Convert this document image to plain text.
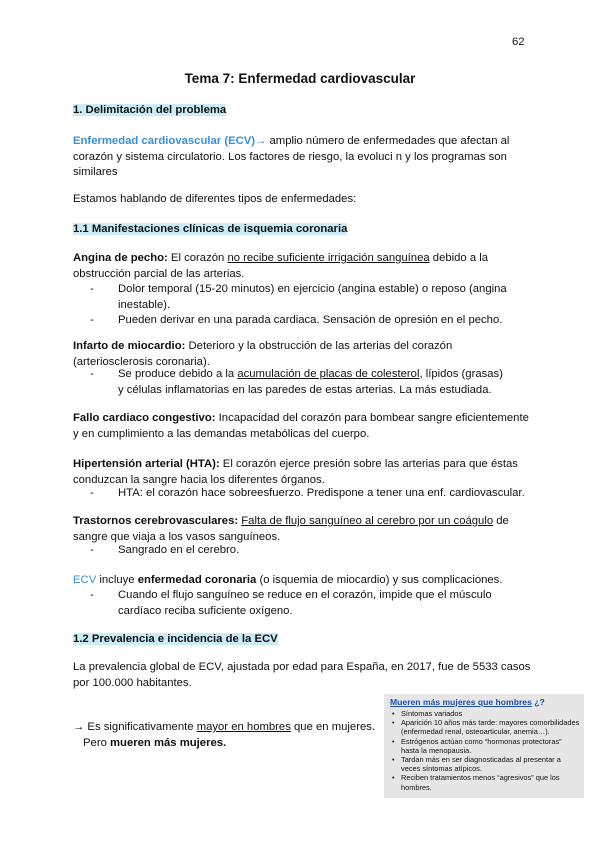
62
Tema 7: Enfermedad cardiovascular
1. Delimitación del problema
Enfermedad cardiovascular (ECV)→ amplio número de enfermedades que afectan al
corazón y sistema circulatorio. Los factores de riesgo, la evoluci n y los programas son
similares
Estamos hablando de diferentes tipos de enfermedades:
1.1 Manifestaciones clínicas de isquemia coronaria
Angina de pecho: El corazón no recibe suficiente irrigación sanguínea debido a la
obstrucción parcial de las arterias.
- Dolor temporal (15-20 minutos) en ejercicio (angina estable) o reposo (angina inestable).
- Pueden derivar en una parada cardiaca. Sensación de opresión en el pecho.
Infarto de miocardio: Deterioro y la obstrucción de las arterias del corazón (arteriosclerosis coronaria).
- Se produce debido a la acumulación de placas de colesterol, lípidos (grasas) y células inflamatorias en las paredes de estas arterias. La más estudiada.
Fallo cardiaco congestivo: Incapacidad del corazón para bombear sangre eficientemente y en cumplimiento a las demandas metabólicas del cuerpo.
Hipertensión arterial (HTA): El corazón ejerce presión sobre las arterias para que éstas conduzcan la sangre hacia los diferentes órganos.
- HTA: el corazón hace sobreesfuerzo. Predispone a tener una enf. cardiovascular.
Trastornos cerebrovasculares: Falta de flujo sanguíneo al cerebro por un coágulo de sangre que viaja a los vasos sanguíneos.
- Sangrado en el cerebro.
ECV incluye enfermedad coronaria (o isquemia de miocardio) y sus complicaciones.
- Cuando el flujo sanguíneo se reduce en el corazón, impide que el músculo cardíaco reciba suficiente oxígeno.
1.2 Prevalencia e incidencia de la ECV
La prevalencia global de ECV, ajustada por edad para España, en 2017, fue de 5533 casos por 100.000 habitantes.
→ Es significativamente mayor en hombres que en mujeres.
Pero mueren más mujeres.
Mueren más mujeres que hombres ¿?
• Síntomas variados
• Aparición 10 años más tarde: mayores comorbilidades (enfermedad renal, osteoarticular, anemia…).
• Estrógenos actúan como “hormonas protectoras” hasta la menopausia.
• Tardan más en ser diagnosticadas al presentar a veces síntomas atípicos.
• Reciben tratamientos menos “agresivos” que los hombres.
